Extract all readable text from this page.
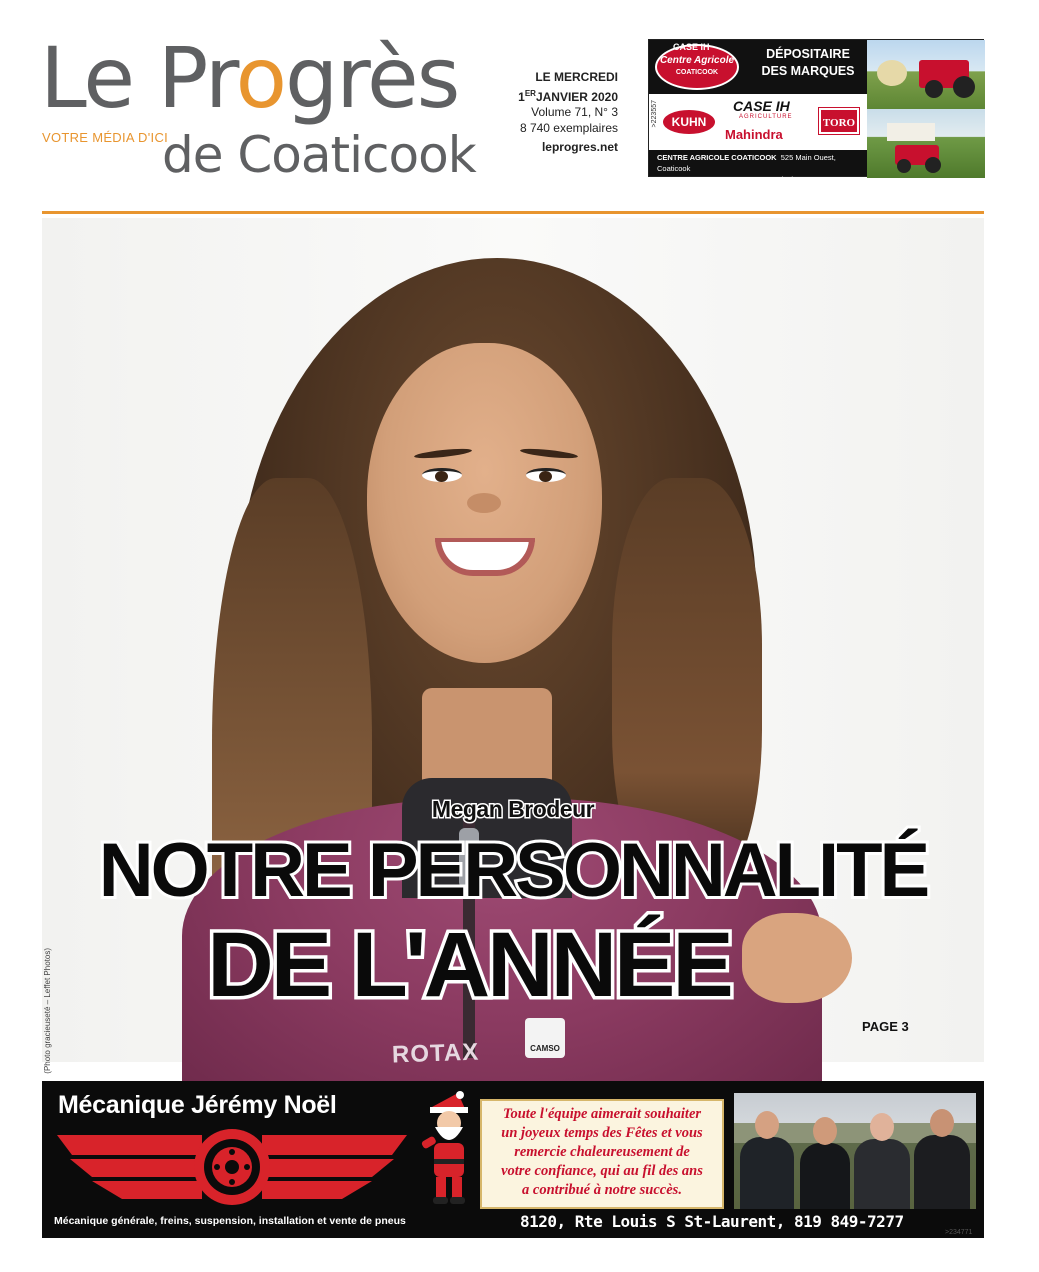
Le Progrès
VOTRE MÉDIA D'ICI
de Coaticook
LE MERCREDI
1ERJANVIER 2020
Volume 71, N° 3
8 740 exemplaires
leprogres.net
Centre Agricole
COATICOOK
CASE IH	DÉPOSITAIRE
DES MARQUES
KUHN
CASE IH
AGRICULTURE
Mahindra
TORO
>223557
CENTRE AGRICOLE COATICOOK 525 Main Ouest, Coaticook
819 849-2663 • centreagricole.ca
ROTAX	CAMSO
(Photo gracieuseté – Leffet Photos)
Megan Brodeur
NOTRE PERSONNALITÉ
DE L'ANNÉE
PAGE 3
Mécanique Jérémy Noël
Mécanique générale, freins, suspension, installation et vente de pneus
Toute l'équipe aimerait souhaiter
un joyeux temps des Fêtes et vous
remercie chaleureusement de
votre confiance, qui au fil des ans
a contribué à notre succès.
8120, Rte Louis S St-Laurent, 819 849-7277
>234771
